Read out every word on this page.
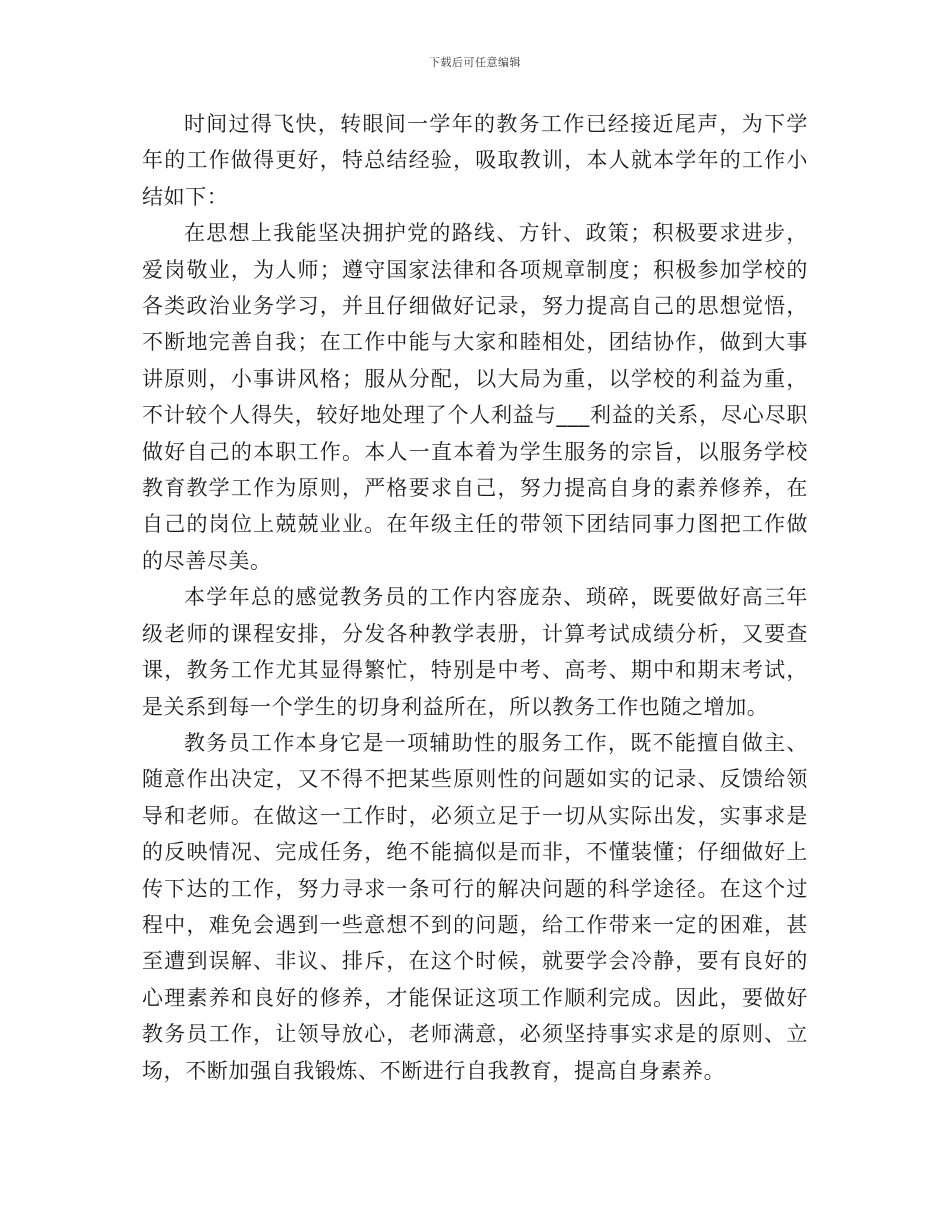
下载后可任意编辑

时间过得飞快，转眼间一学年的教务工作已经接近尾声，为下学年的工作做得更好，特总结经验，吸取教训，本人就本学年的工作小结如下：

在思想上我能坚决拥护党的路线、方针、政策；积极要求进步，爱岗敬业，为人师；遵守国家法律和各项规章制度；积极参加学校的各类政治业务学习，并且仔细做好记录，努力提高自己的思想觉悟，不断地完善自我；在工作中能与大家和睦相处，团结协作，做到大事讲原则，小事讲风格；服从分配，以大局为重，以学校的利益为重，不计较个人得失，较好地处理了个人利益与___利益的关系，尽心尽职做好自己的本职工作。本人一直本着为学生服务的宗旨，以服务学校教育教学工作为原则，严格要求自己，努力提高自身的素养修养，在自己的岗位上兢兢业业。在年级主任的带领下团结同事力图把工作做的尽善尽美。

本学年总的感觉教务员的工作内容庞杂、琐碎，既要做好高三年级老师的课程安排，分发各种教学表册，计算考试成绩分析，又要查课，教务工作尤其显得繁忙，特别是中考、高考、期中和期末考试，是关系到每一个学生的切身利益所在，所以教务工作也随之增加。

教务员工作本身它是一项辅助性的服务工作，既不能擅自做主、随意作出决定，又不得不把某些原则性的问题如实的记录、反馈给领导和老师。在做这一工作时，必须立足于一切从实际出发，实事求是的反映情况、完成任务，绝不能搞似是而非，不懂装懂；仔细做好上传下达的工作，努力寻求一条可行的解决问题的科学途径。在这个过程中，难免会遇到一些意想不到的问题，给工作带来一定的困难，甚至遭到误解、非议、排斥，在这个时候，就要学会冷静，要有良好的心理素养和良好的修养，才能保证这项工作顺利完成。因此，要做好教务员工作，让领导放心，老师满意，必须坚持事实求是的原则、立场，不断加强自我锻炼、不断进行自我教育，提高自身素养。
